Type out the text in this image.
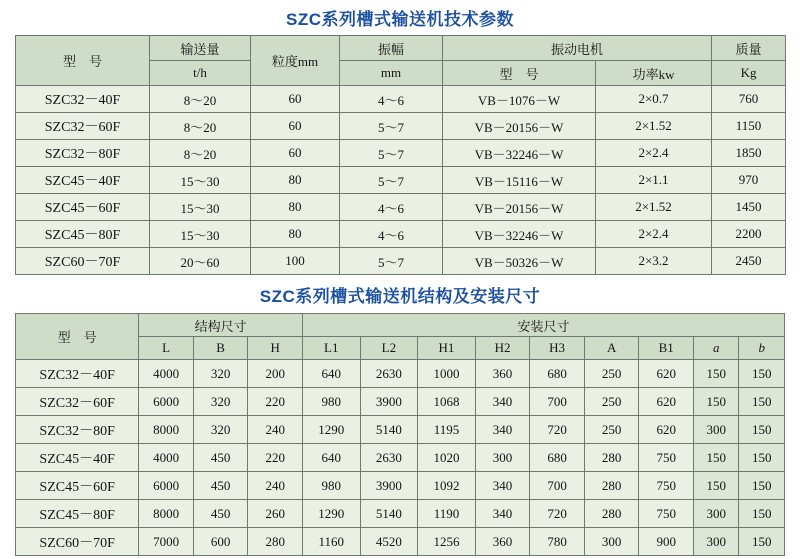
SZC系列槽式输送机技术参数
型　号	输送量	粒度mm	振幅	振动电机		质量
	t/h		mm	型　号	功率kw	Kg
SZC32－40F	8～20	60	4～6	VB－1076－W	2×0.7	760
SZC32－60F	8～20	60	5～7	VB－20156－W	2×1.52	1150
SZC32－80F	8～20	60	5～7	VB－32246－W	2×2.4	1850
SZC45－40F	15～30	80	5～7	VB－15116－W	2×1.1	970
SZC45－60F	15～30	80	4～6	VB－20156－W	2×1.52	1450
SZC45－80F	15～30	80	4～6	VB－32246－W	2×2.4	2200
SZC60－70F	20～60	100	5～7	VB－50326－W	2×3.2	2450
SZC系列槽式输送机结构及安装尺寸
型　号	结构尺寸			安装尺寸								
	L	B	H	L1	L2	H1	H2	H3	A	B1	a	b
SZC32－40F	4000	320	200	640	2630	1000	360	680	250	620	150	150
SZC32－60F	6000	320	220	980	3900	1068	340	700	250	620	150	150
SZC32－80F	8000	320	240	1290	5140	1195	340	720	250	620	300	150
SZC45－40F	4000	450	220	640	2630	1020	300	680	280	750	150	150
SZC45－60F	6000	450	240	980	3900	1092	340	700	280	750	150	150
SZC45－80F	8000	450	260	1290	5140	1190	340	720	280	750	300	150
SZC60－70F	7000	600	280	1160	4520	1256	360	780	300	900	300	150
